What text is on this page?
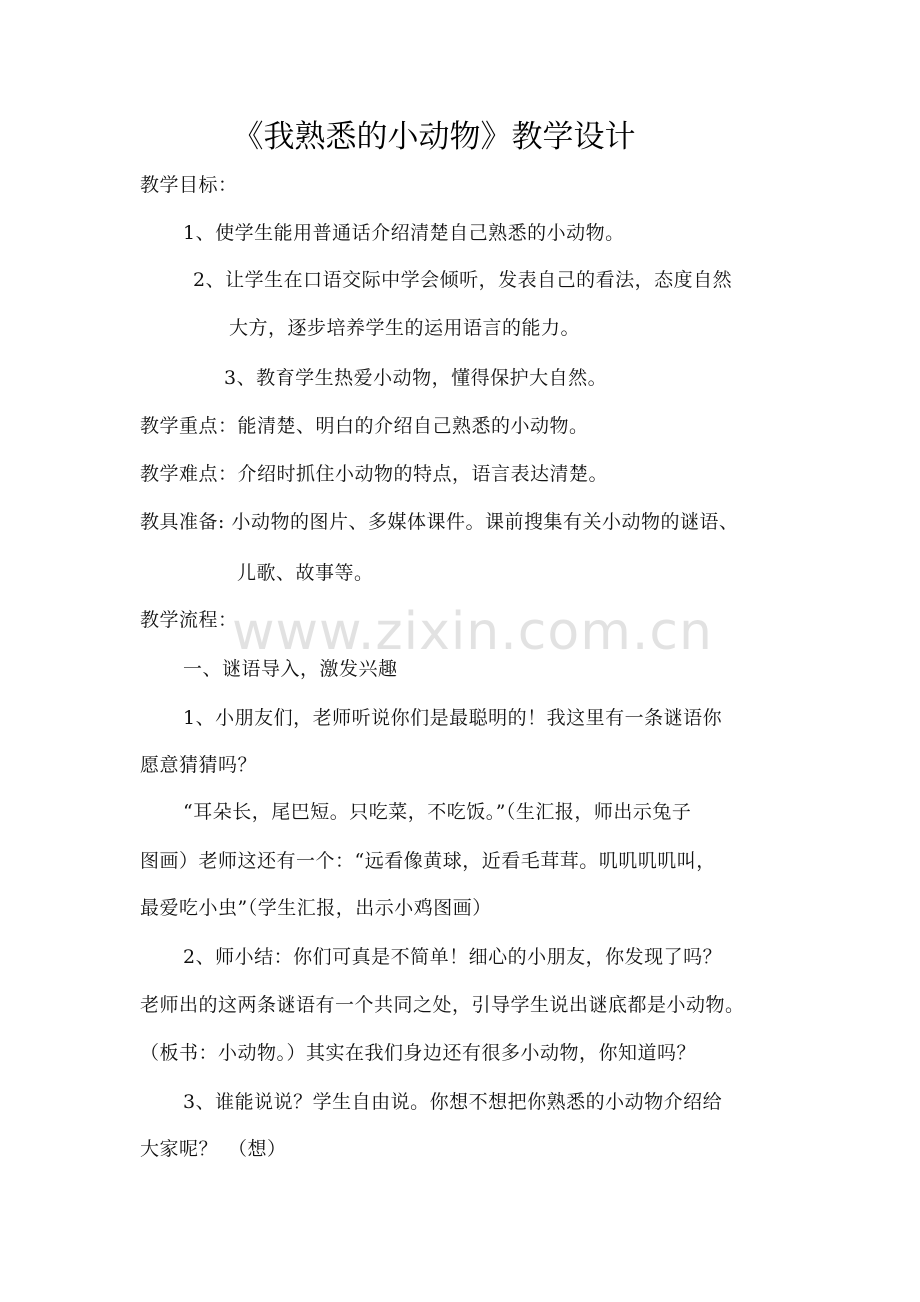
《我熟悉的小动物》教学设计
www.zixin.com.cn
教学目标：
1、使学生能用普通话介绍清楚自己熟悉的小动物。
2、让学生在口语交际中学会倾听，发表自己的看法，态度自然
大方，逐步培养学生的运用语言的能力。
3、教育学生热爱小动物，懂得保护大自然。
教学重点：能清楚、明白的介绍自己熟悉的小动物。
教学难点：介绍时抓住小动物的特点，语言表达清楚。
教具准备: 小动物的图片、多媒体课件。课前搜集有关小动物的谜语、
儿歌、故事等。
教学流程：
一、谜语导入，激发兴趣
1、小朋友们，老师听说你们是最聪明的！我这里有一条谜语你
愿意猜猜吗？
“耳朵长，尾巴短。只吃菜，不吃饭。”（生汇报，师出示兔子
图画）老师这还有一个：“远看像黄球，近看毛茸茸。叽叽叽叽叫，
最爱吃小虫”（学生汇报，出示小鸡图画）
2、师小结：你们可真是不简单！细心的小朋友，你发现了吗？
老师出的这两条谜语有一个共同之处，引导学生说出谜底都是小动物。
（板书：小动物。）其实在我们身边还有很多小动物，你知道吗？
3、谁能说说？学生自由说。你想不想把你熟悉的小动物介绍给
大家呢？　（想）
